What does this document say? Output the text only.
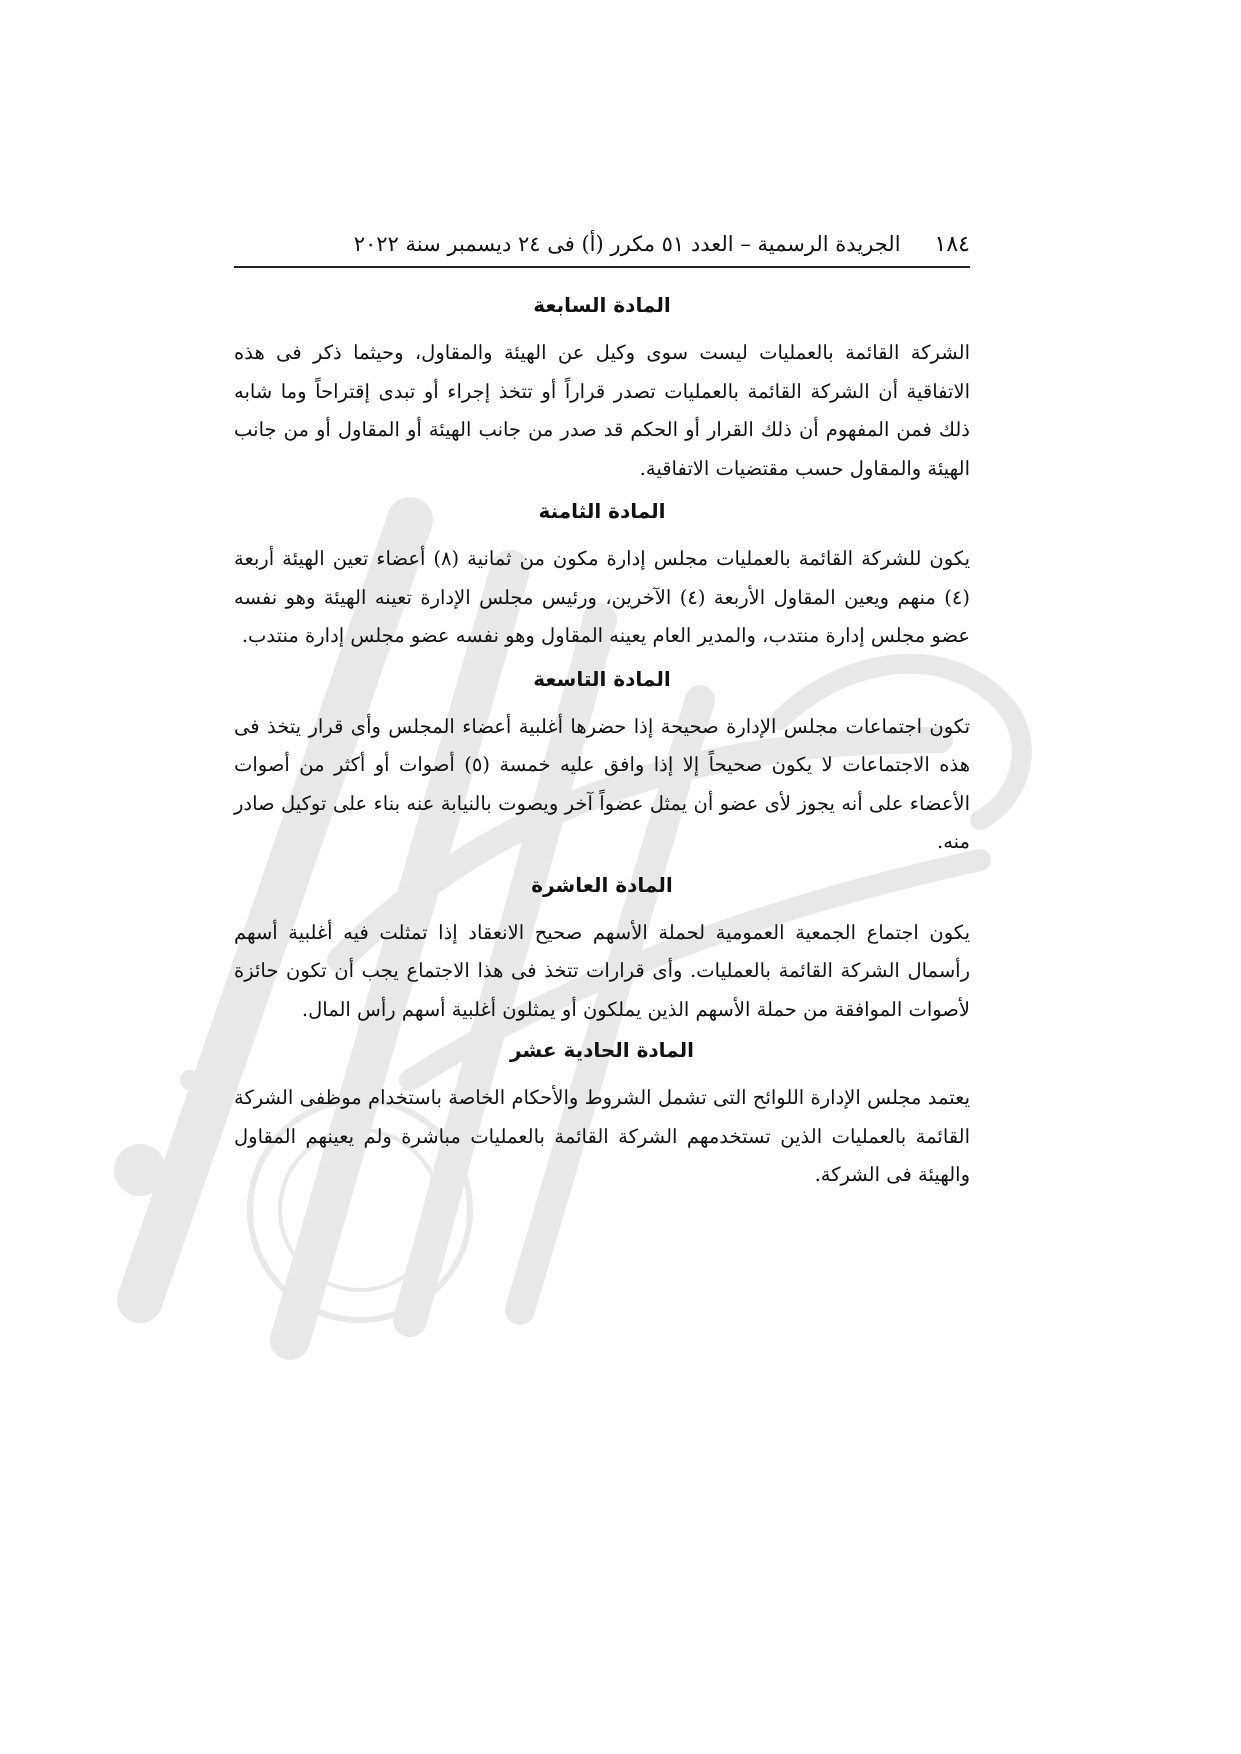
١٨٤
الجريدة الرسمية – العدد ٥١ مكرر (أ) فى ٢٤ ديسمبر سنة ٢٠٢٢
المادة السابعة

الشركة القائمة بالعمليات ليست سوى وكيل عن الهيئة والمقاول، وحيثما ذكر فى هذه الاتفاقية أن الشركة القائمة بالعمليات تصدر قراراً أو تتخذ إجراء أو تبدى إقتراحاً وما شابه ذلك فمن المفهوم أن ذلك القرار أو الحكم قد صدر من جانب الهيئة أو المقاول أو من جانب الهيئة والمقاول حسب مقتضيات الاتفاقية.

المادة الثامنة

يكون للشركة القائمة بالعمليات مجلس إدارة مكون من ثمانية (٨) أعضاء تعين الهيئة أربعة (٤) منهم ويعين المقاول الأربعة (٤) الآخرين، ورئيس مجلس الإدارة تعينه الهيئة وهو نفسه عضو مجلس إدارة منتدب، والمدير العام يعينه المقاول وهو نفسه عضو مجلس إدارة منتدب.

المادة التاسعة

تكون اجتماعات مجلس الإدارة صحيحة إذا حضرها أغلبية أعضاء المجلس وأى قرار يتخذ فى هذه الاجتماعات لا يكون صحيحاً إلا إذا وافق عليه خمسة (٥) أصوات أو أكثر من أصوات الأعضاء على أنه يجوز لأى عضو أن يمثل عضواً آخر ويصوت بالنيابة عنه بناء على توكيل صادر منه.

المادة العاشرة

يكون اجتماع الجمعية العمومية لحملة الأسهم صحيح الانعقاد إذا تمثلت فيه أغلبية أسهم رأسمال الشركة القائمة بالعمليات. وأى قرارات تتخذ فى هذا الاجتماع يجب أن تكون حائزة لأصوات الموافقة من حملة الأسهم الذين يملكون أو يمثلون أغلبية أسهم رأس المال.

المادة الحادية عشر

يعتمد مجلس الإدارة اللوائح التى تشمل الشروط والأحكام الخاصة باستخدام موظفى الشركة القائمة بالعمليات الذين تستخدمهم الشركة القائمة بالعمليات مباشرة ولم يعينهم المقاول والهيئة فى الشركة.
